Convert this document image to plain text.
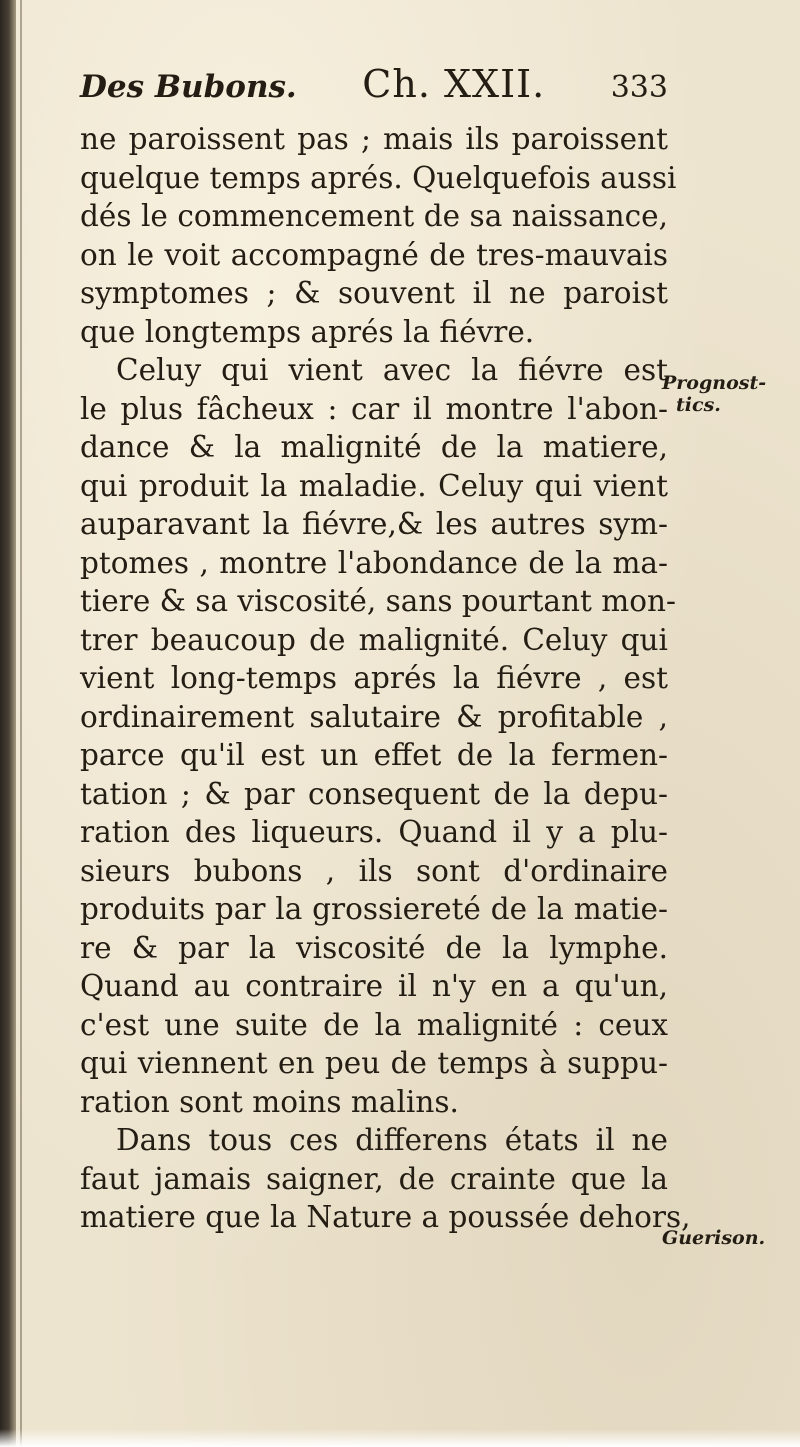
Des Bubons. Ch. XXII. 333
ne paroissent pas ; mais ils paroissent
quelque temps aprés. Quelquefois aussi
dés le commencement de sa naissance,
on le voit accompagné de tres-mauvais
symptomes ; & souvent il ne paroist
que longtemps aprés la fiévre.
Celuy qui vient avec la fiévre est
le plus fâcheux : car il montre l'abon-
dance & la malignité de la matiere,
qui produit la maladie. Celuy qui vient
auparavant la fiévre,& les autres sym-
ptomes , montre l'abondance de la ma-
tiere & sa viscosité, sans pourtant mon-
trer beaucoup de malignité. Celuy qui
vient long-temps aprés la fiévre , est
ordinairement salutaire & profitable ,
parce qu'il est un effet de la fermen-
tation ; & par consequent de la depu-
ration des liqueurs. Quand il y a plu-
sieurs bubons , ils sont d'ordinaire
produits par la grossiereté de la matie-
re & par la viscosité de la lymphe.
Quand au contraire il n'y en a qu'un,
c'est une suite de la malignité : ceux
qui viennent en peu de temps à suppu-
ration sont moins malins.
Dans tous ces differens états il ne
faut jamais saigner, de crainte que la
matiere que la Nature a poussée dehors,
Prognost-
tics.
Guerison.
